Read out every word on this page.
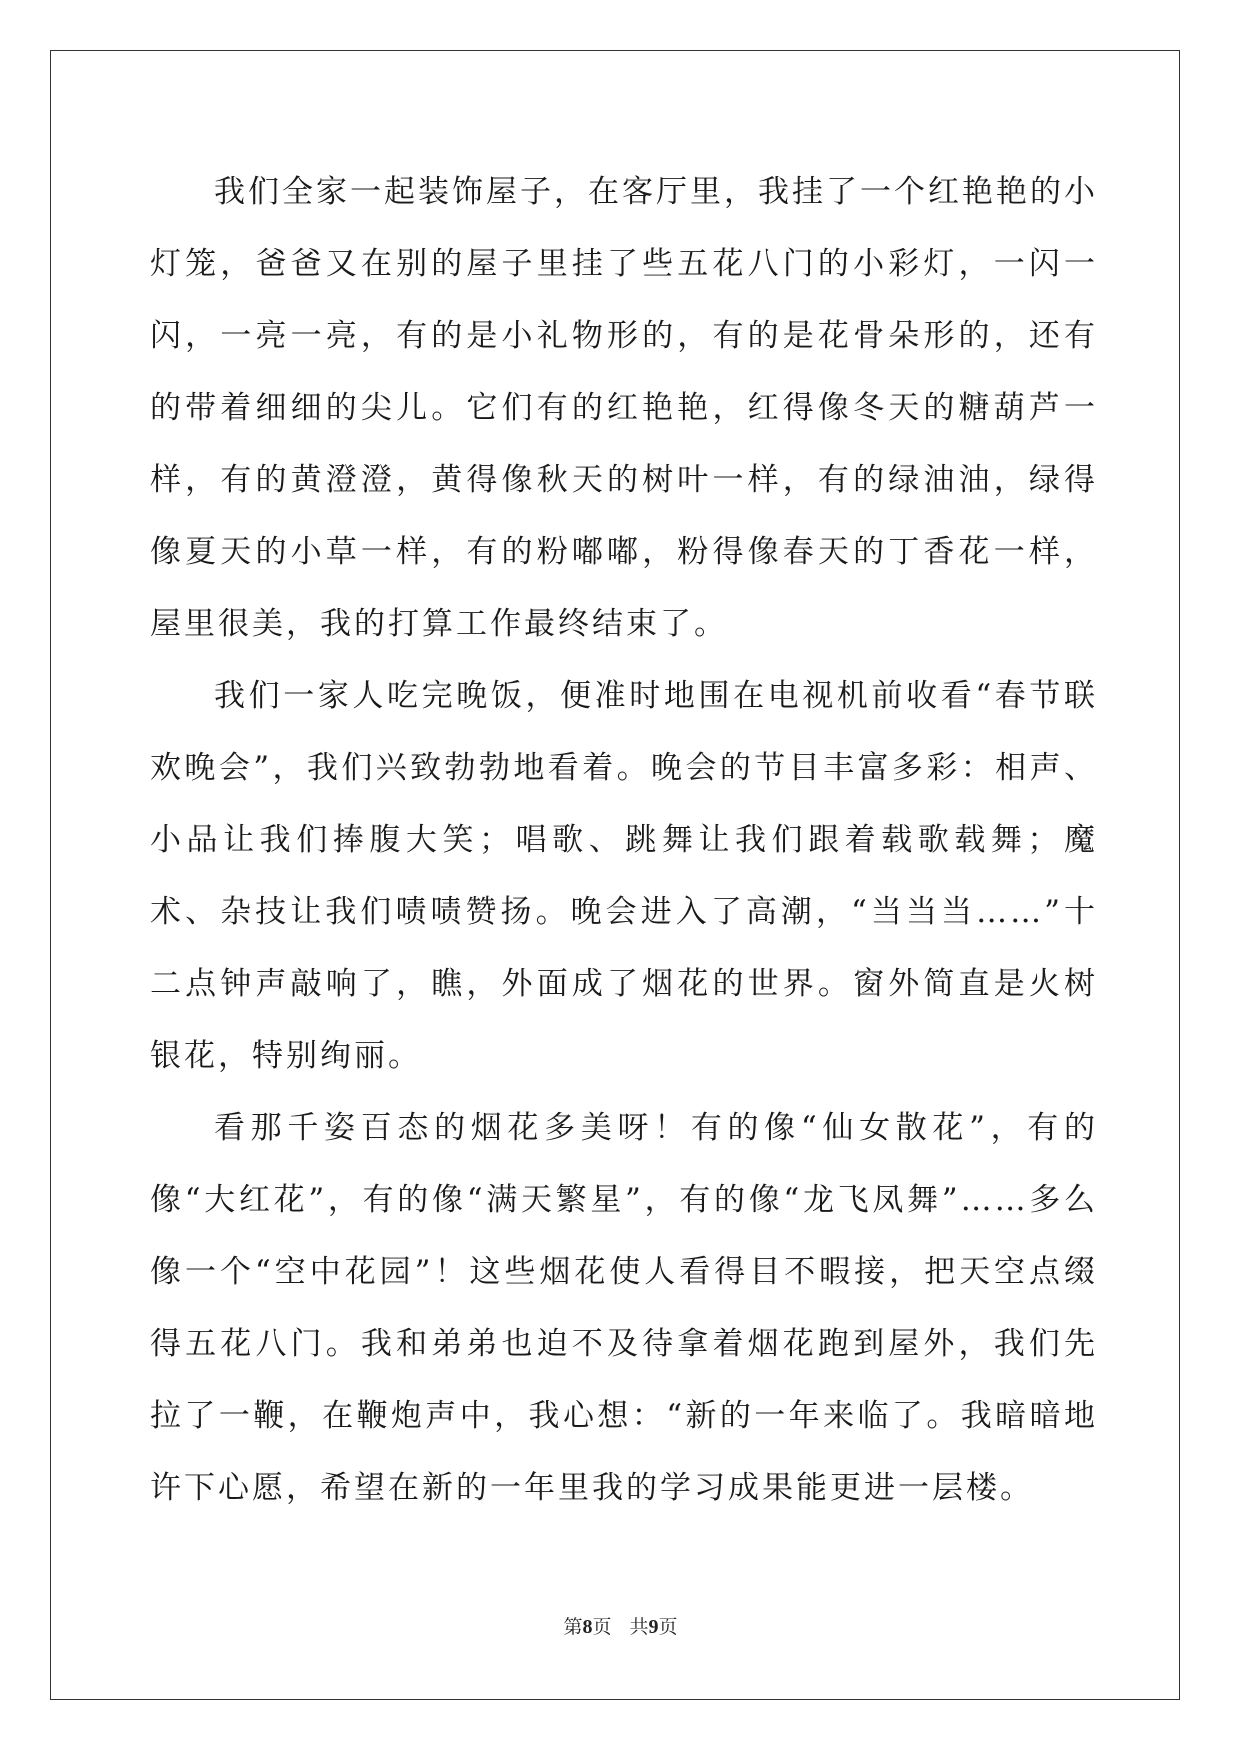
我们全家一起装饰屋子，在客厅里，我挂了一个红艳艳的小灯笼，爸爸又在别的屋子里挂了些五花八门的小彩灯，一闪一闪，一亮一亮，有的是小礼物形的，有的是花骨朵形的，还有的带着细细的尖儿。它们有的红艳艳，红得像冬天的糖葫芦一样，有的黄澄澄，黄得像秋天的树叶一样，有的绿油油，绿得像夏天的小草一样，有的粉嘟嘟，粉得像春天的丁香花一样，屋里很美，我的打算工作最终结束了。

我们一家人吃完晚饭，便准时地围在电视机前收看“春节联欢晚会”，我们兴致勃勃地看着。晚会的节目丰富多彩：相声、小品让我们捧腹大笑；唱歌、跳舞让我们跟着载歌载舞；魔术、杂技让我们啧啧赞扬。晚会进入了高潮，“当当当……”十二点钟声敲响了，瞧，外面成了烟花的世界。窗外简直是火树银花，特别绚丽。

看那千姿百态的烟花多美呀！有的像“仙女散花”，有的像“大红花”，有的像“满天繁星”，有的像“龙飞凤舞”……多么像一个“空中花园”！这些烟花使人看得目不暇接，把天空点缀得五花八门。我和弟弟也迫不及待拿着烟花跑到屋外，我们先拉了一鞭，在鞭炮声中，我心想：“新的一年来临了。我暗暗地许下心愿，希望在新的一年里我的学习成果能更进一层楼。

第8页 共9页
